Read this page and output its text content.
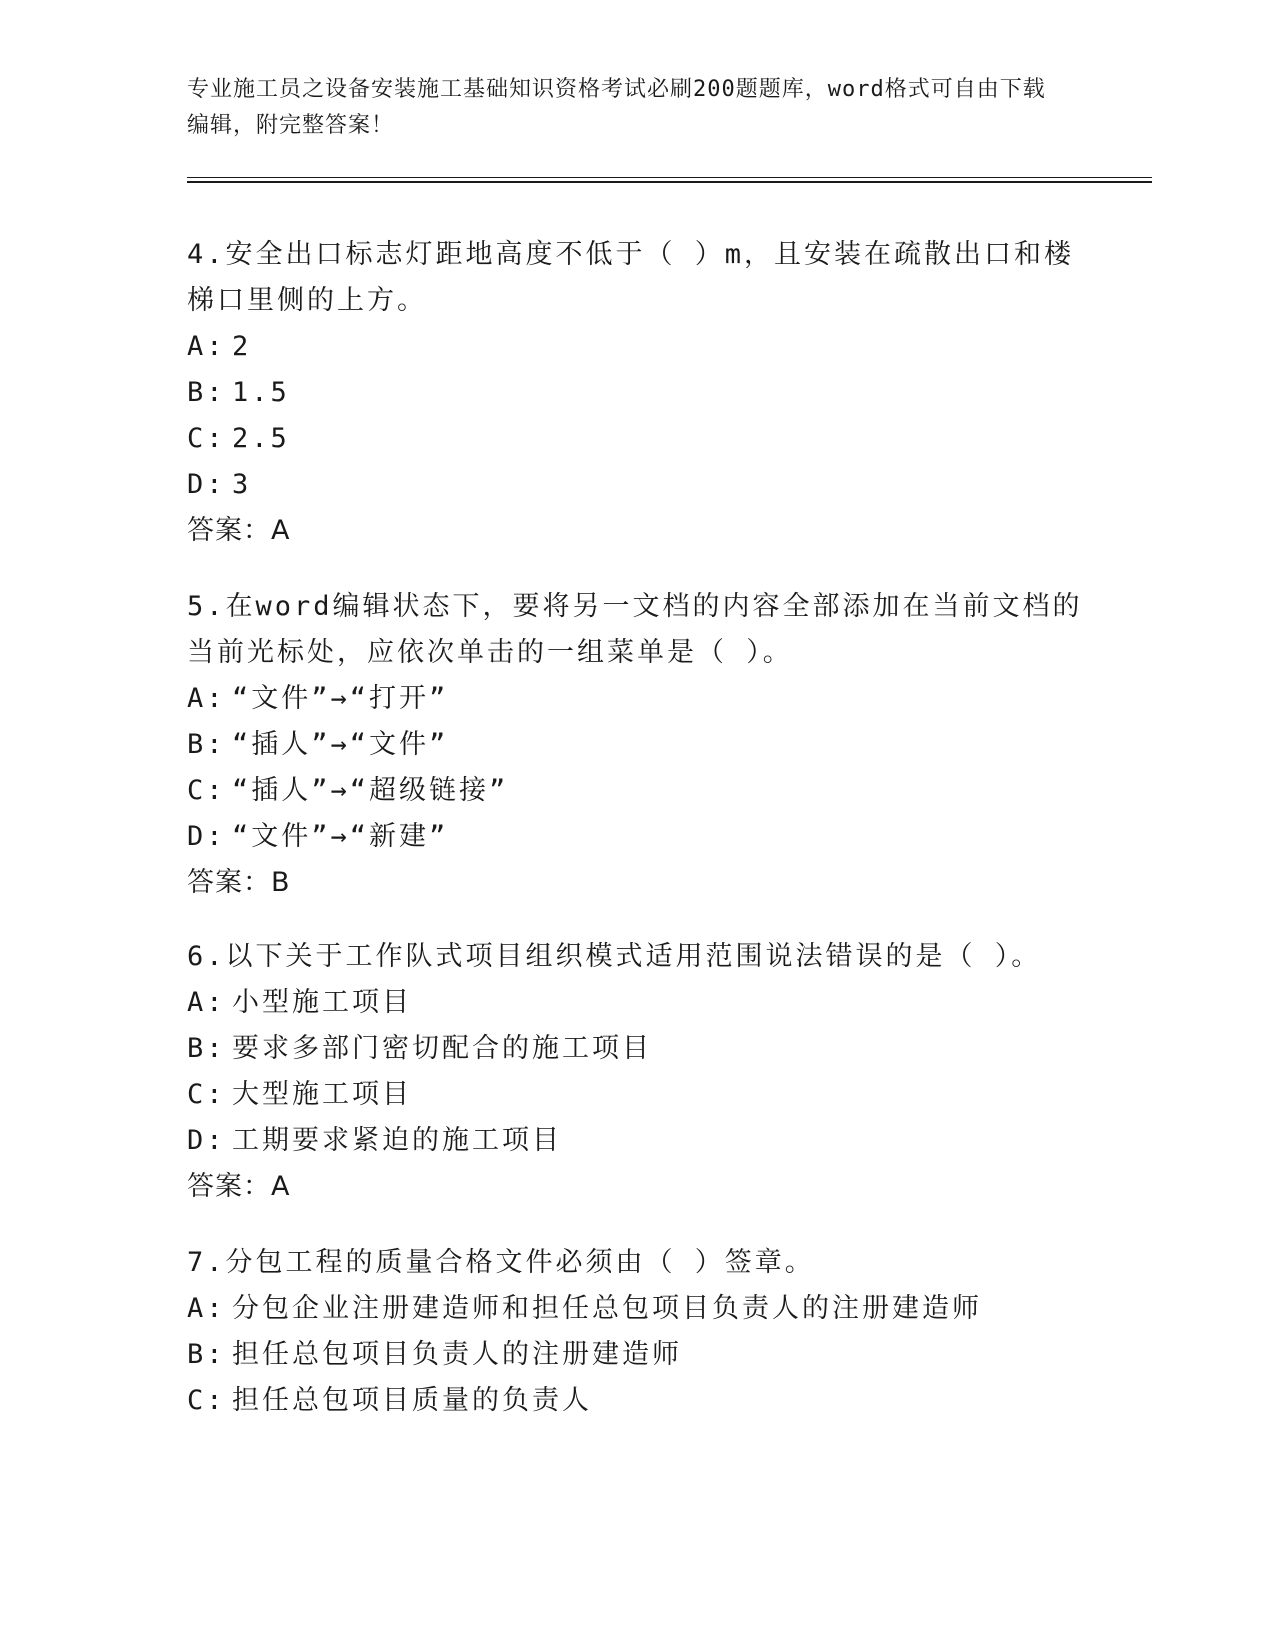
专业施工员之设备安装施工基础知识资格考试必刷200题题库，word格式可自由下载编辑，附完整答案！

4.安全出口标志灯距地高度不低于（ ）m，且安装在疏散出口和楼梯口里侧的上方。

A: 2

B: 1.5

C: 2.5

D: 3

答案：A

5.在word编辑状态下，要将另一文档的内容全部添加在当前文档的当前光标处，应依次单击的一组菜单是（ ）。

A: “文件”→“打开”

B: “插人”→“文件”

C: “插人”→“超级链接”

D: “文件”→“新建”

答案：B

6.以下关于工作队式项目组织模式适用范围说法错误的是（ ）。

A: 小型施工项目

B: 要求多部门密切配合的施工项目

C: 大型施工项目

D: 工期要求紧迫的施工项目

答案：A

7.分包工程的质量合格文件必须由（ ）签章。

A: 分包企业注册建造师和担任总包项目负责人的注册建造师

B: 担任总包项目负责人的注册建造师

C: 担任总包项目质量的负责人
